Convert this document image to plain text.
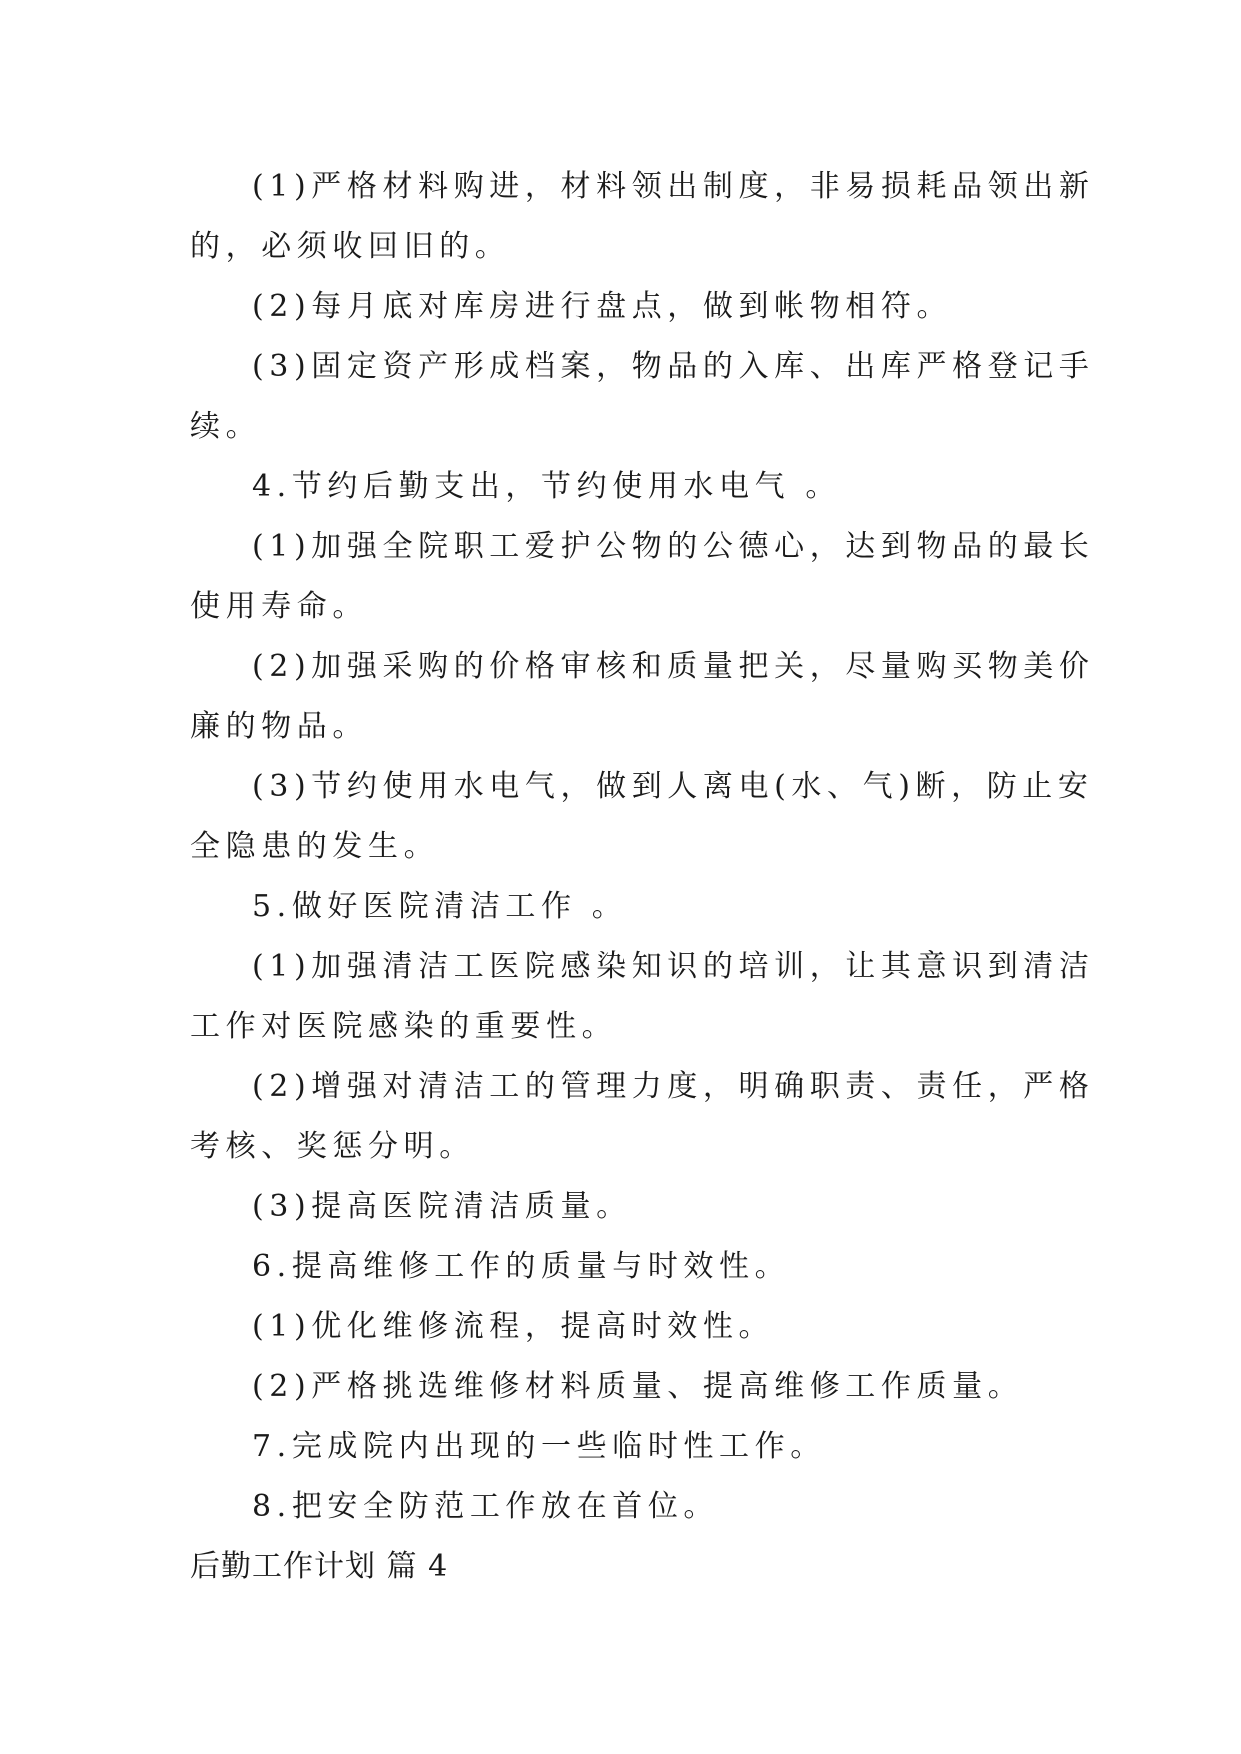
(1)严格材料购进，材料领出制度，非易损耗品领出新

的，必须收回旧的。

(2)每月底对库房进行盘点，做到帐物相符。

(3)固定资产形成档案，物品的入库、出库严格登记手

续。

4.节约后勤支出，节约使用水电气 。

(1)加强全院职工爱护公物的公德心，达到物品的最长

使用寿命。

(2)加强采购的价格审核和质量把关，尽量购买物美价

廉的物品。

(3)节约使用水电气，做到人离电(水、气)断，防止安

全隐患的发生。

5.做好医院清洁工作 。

(1)加强清洁工医院感染知识的培训，让其意识到清洁

工作对医院感染的重要性。

(2)增强对清洁工的管理力度，明确职责、责任，严格

考核、奖惩分明。

(3)提高医院清洁质量。

6.提高维修工作的质量与时效性。

(1)优化维修流程，提高时效性。

(2)严格挑选维修材料质量、提高维修工作质量。

7.完成院内出现的一些临时性工作。

8.把安全防范工作放在首位。

后勤工作计划 篇 4
